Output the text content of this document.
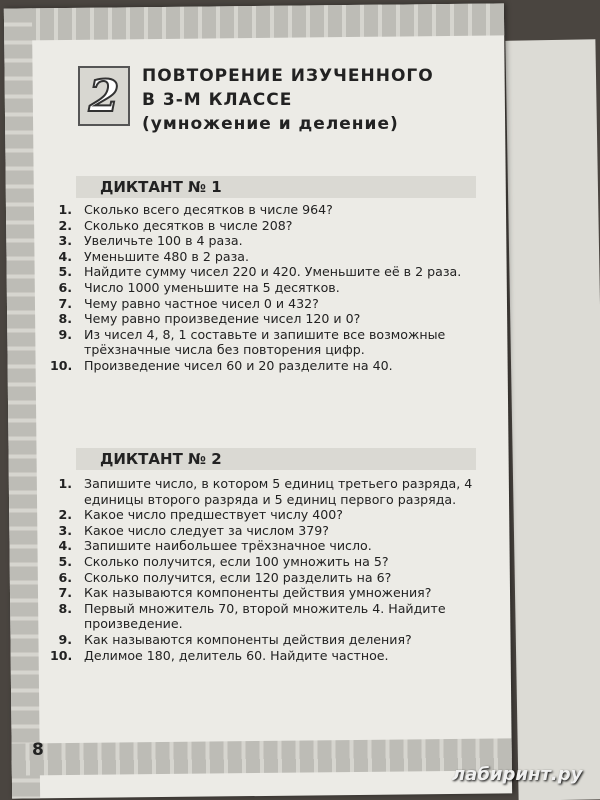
2 ПОВТОРЕНИЕ ИЗУЧЕННОГО
В 3-М КЛАССЕ
(умножение и деление)
ДИКТАНТ № 1
1. Сколько всего десятков в числе 964?
2. Сколько десятков в числе 208?
3. Увеличьте 100 в 4 раза.
4. Уменьшите 480 в 2 раза.
5. Найдите сумму чисел 220 и 420. Уменьшите её в 2 раза.
6. Число 1000 уменьшите на 5 десятков.
7. Чему равно частное чисел 0 и 432?
8. Чему равно произведение чисел 120 и 0?
9. Из чисел 4, 8, 1 составьте и запишите все возможные трёхзначные числа без повторения цифр.
10. Произведение чисел 60 и 20 разделите на 40.
ДИКТАНТ № 2
1. Запишите число, в котором 5 единиц третьего разряда, 4 единицы второго разряда и 5 единиц первого разряда.
2. Какое число предшествует числу 400?
3. Какое число следует за числом 379?
4. Запишите наибольшее трёхзначное число.
5. Сколько получится, если 100 умножить на 5?
6. Сколько получится, если 120 разделить на 6?
7. Как называются компоненты действия умножения?
8. Первый множитель 70, второй множитель 4. Найдите произведение.
9. Как называются компоненты действия деления?
10. Делимое 180, делитель 60. Найдите частное.
8
лабиринт.ру
